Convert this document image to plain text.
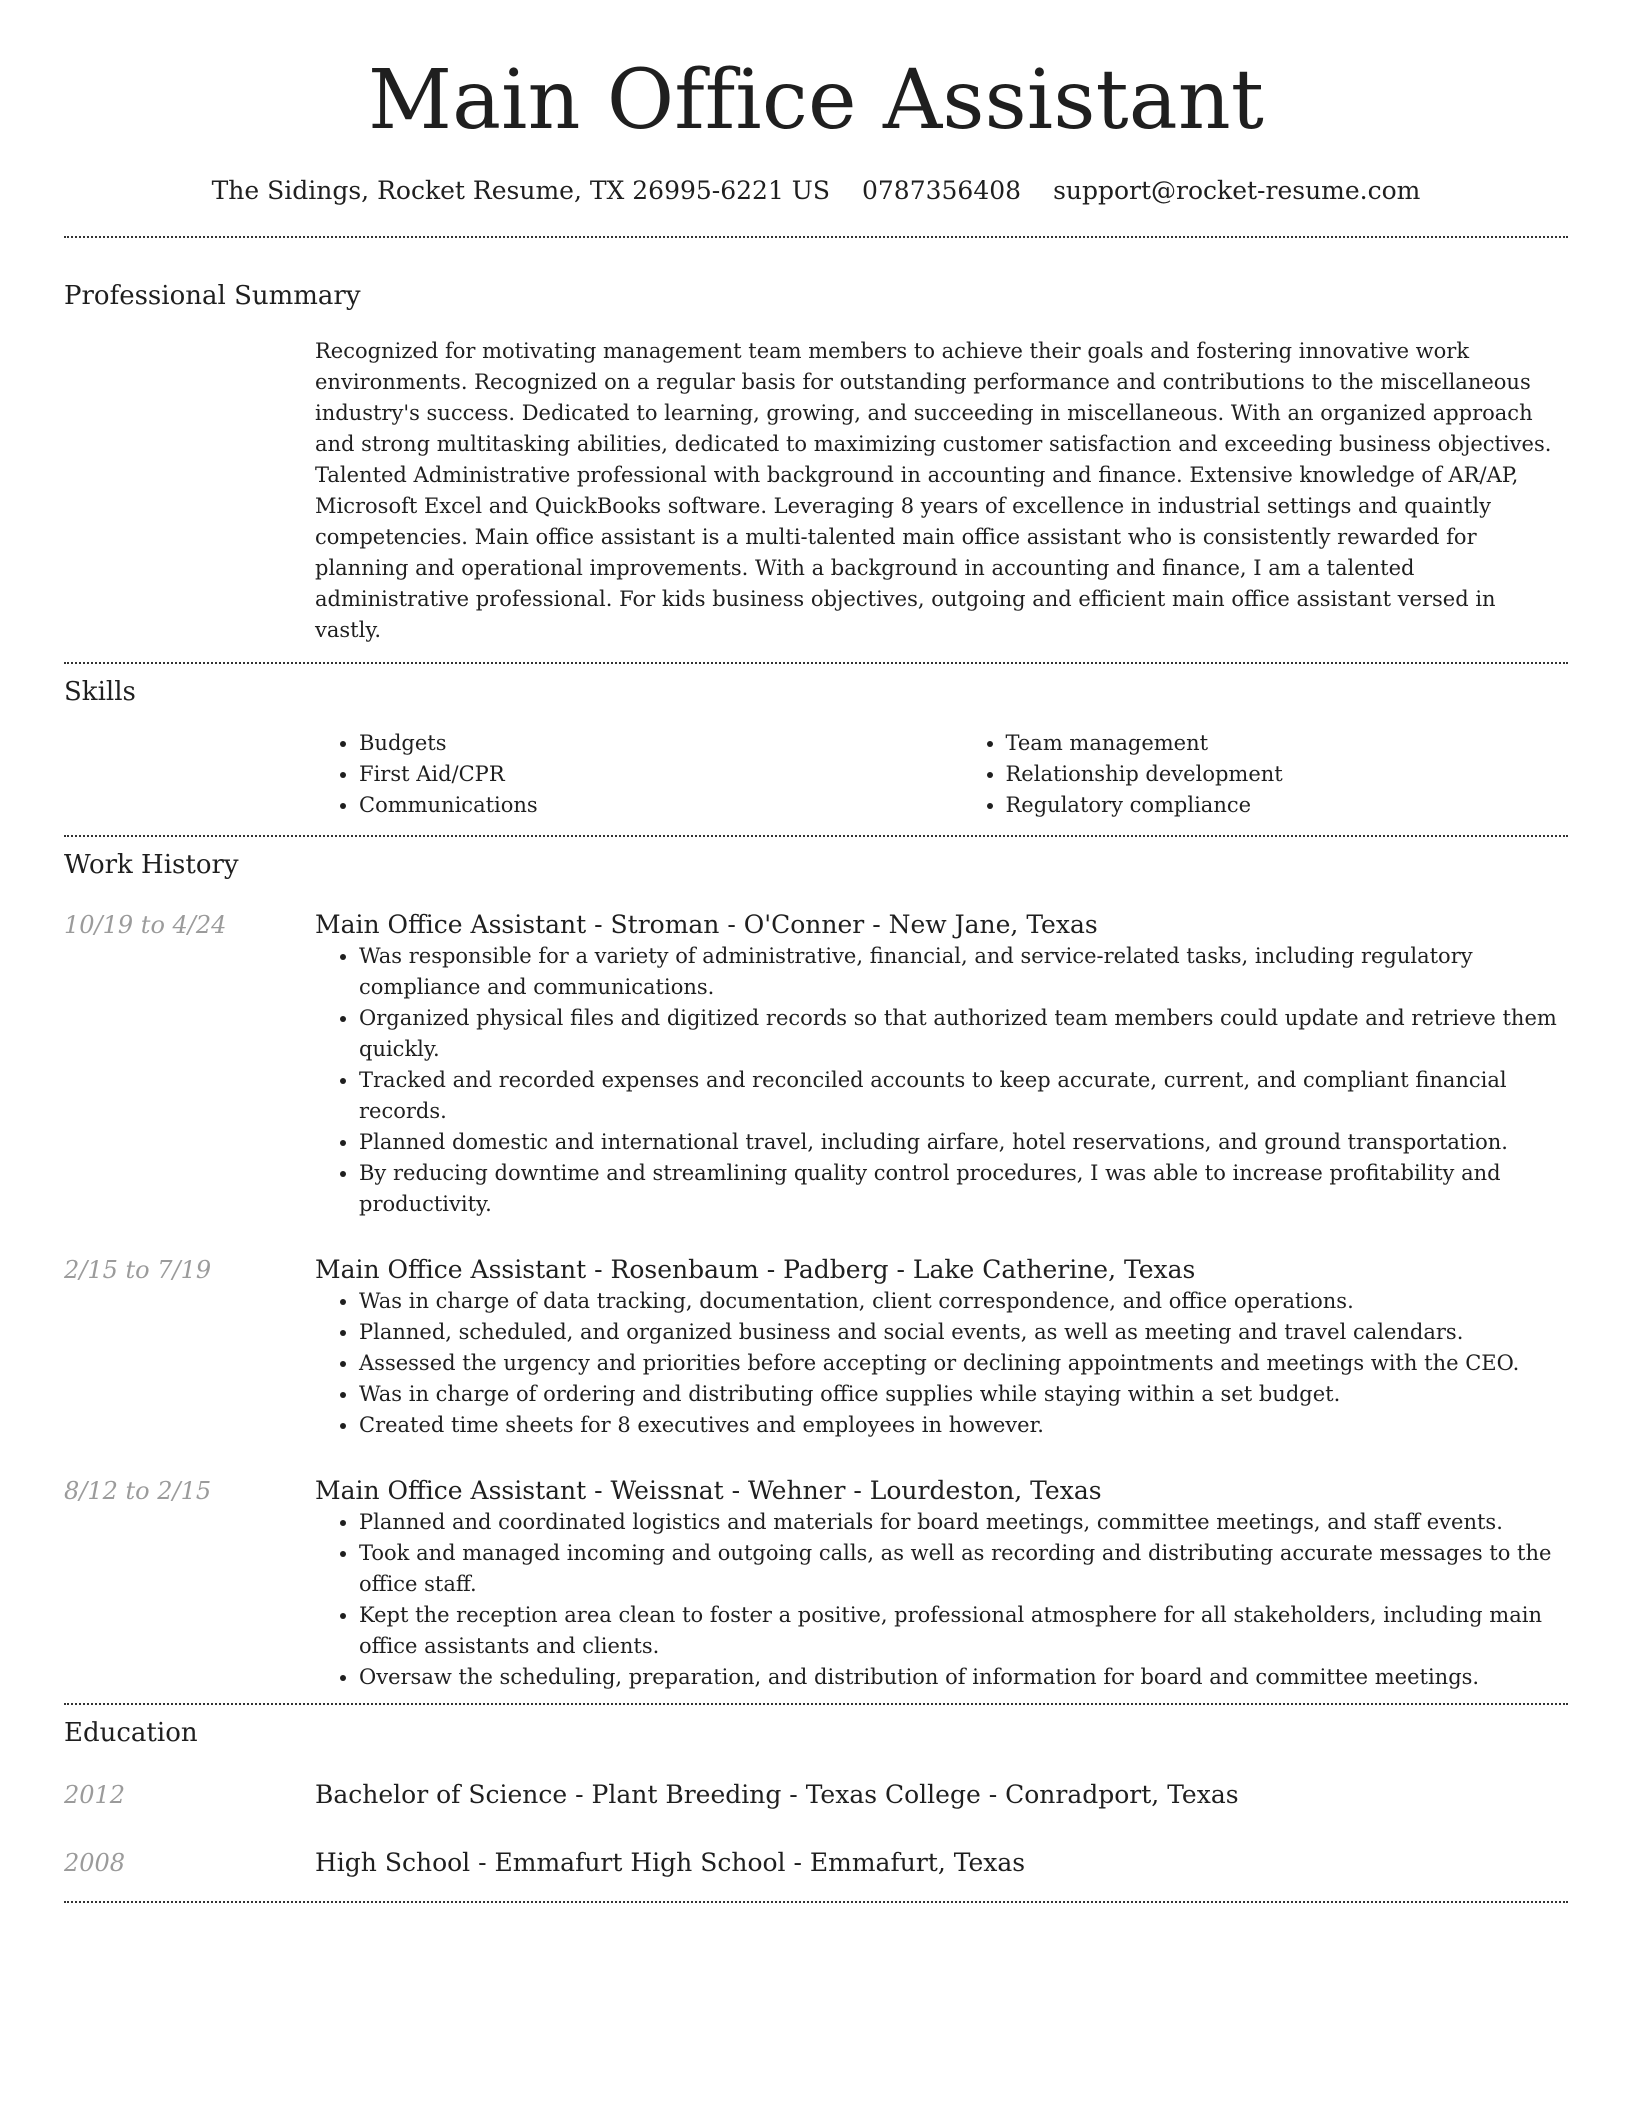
Main Office Assistant
The Sidings, Rocket Resume, TX 26995-6221 US 0787356408 support@rocket-resume.com
Professional Summary
Recognized for motivating management team members to achieve their goals and fostering innovative work environments. Recognized on a regular basis for outstanding performance and contributions to the miscellaneous industry's success. Dedicated to learning, growing, and succeeding in miscellaneous. With an organized approach and strong multitasking abilities, dedicated to maximizing customer satisfaction and exceeding business objectives. Talented Administrative professional with background in accounting and finance. Extensive knowledge of AR/AP, Microsoft Excel and QuickBooks software. Leveraging 8 years of excellence in industrial settings and quaintly competencies. Main office assistant is a multi-talented main office assistant who is consistently rewarded for planning and operational improvements. With a background in accounting and finance, I am a talented administrative professional. For kids business objectives, outgoing and efficient main office assistant versed in vastly.
Skills
• Budgets
• First Aid/CPR
• Communications
• Team management
• Relationship development
• Regulatory compliance
Work History
10/19 to 4/24	Main Office Assistant - Stroman - O'Conner - New Jane, Texas
• Was responsible for a variety of administrative, financial, and service-related tasks, including regulatory compliance and communications.
• Organized physical files and digitized records so that authorized team members could update and retrieve them quickly.
• Tracked and recorded expenses and reconciled accounts to keep accurate, current, and compliant financial records.
• Planned domestic and international travel, including airfare, hotel reservations, and ground transportation.
• By reducing downtime and streamlining quality control procedures, I was able to increase profitability and productivity.
2/15 to 7/19	Main Office Assistant - Rosenbaum - Padberg - Lake Catherine, Texas
• Was in charge of data tracking, documentation, client correspondence, and office operations.
• Planned, scheduled, and organized business and social events, as well as meeting and travel calendars.
• Assessed the urgency and priorities before accepting or declining appointments and meetings with the CEO.
• Was in charge of ordering and distributing office supplies while staying within a set budget.
• Created time sheets for 8 executives and employees in however.
8/12 to 2/15	Main Office Assistant - Weissnat - Wehner - Lourdeston, Texas
• Planned and coordinated logistics and materials for board meetings, committee meetings, and staff events.
• Took and managed incoming and outgoing calls, as well as recording and distributing accurate messages to the office staff.
• Kept the reception area clean to foster a positive, professional atmosphere for all stakeholders, including main office assistants and clients.
• Oversaw the scheduling, preparation, and distribution of information for board and committee meetings.
Education
2012	Bachelor of Science - Plant Breeding - Texas College - Conradport, Texas
2008	High School - Emmafurt High School - Emmafurt, Texas
